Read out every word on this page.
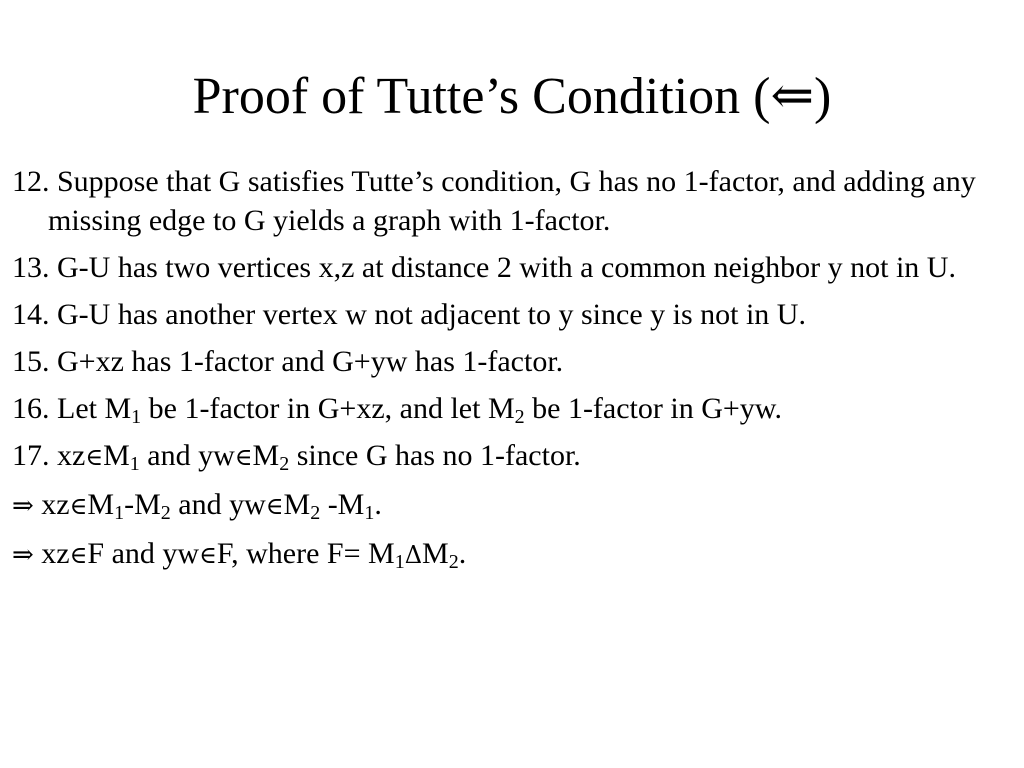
Proof of Tutte’s Condition (⇐)
12. Suppose that G satisfies Tutte’s condition, G has no 1-factor, and adding any missing edge to G yields a graph with 1-factor.
13. G-U has two vertices x,z at distance 2 with a common neighbor y not in U.
14. G-U has another vertex w not adjacent to y since y is not in U.
15. G+xz has 1-factor and G+yw has 1-factor.
16. Let $M_1$ be 1-factor in G+xz, and let $M_2$ be 1-factor in G+yw.
17. $xz\in M_1$ and $yw\in M_2$ since G has no 1-factor.
⇒ $xz\in M_1-M_2$ and $yw\in M_2$ $-M_1$.
⇒ xz∈F and yw∈F, where $F= M_1\Delta M_2$.
